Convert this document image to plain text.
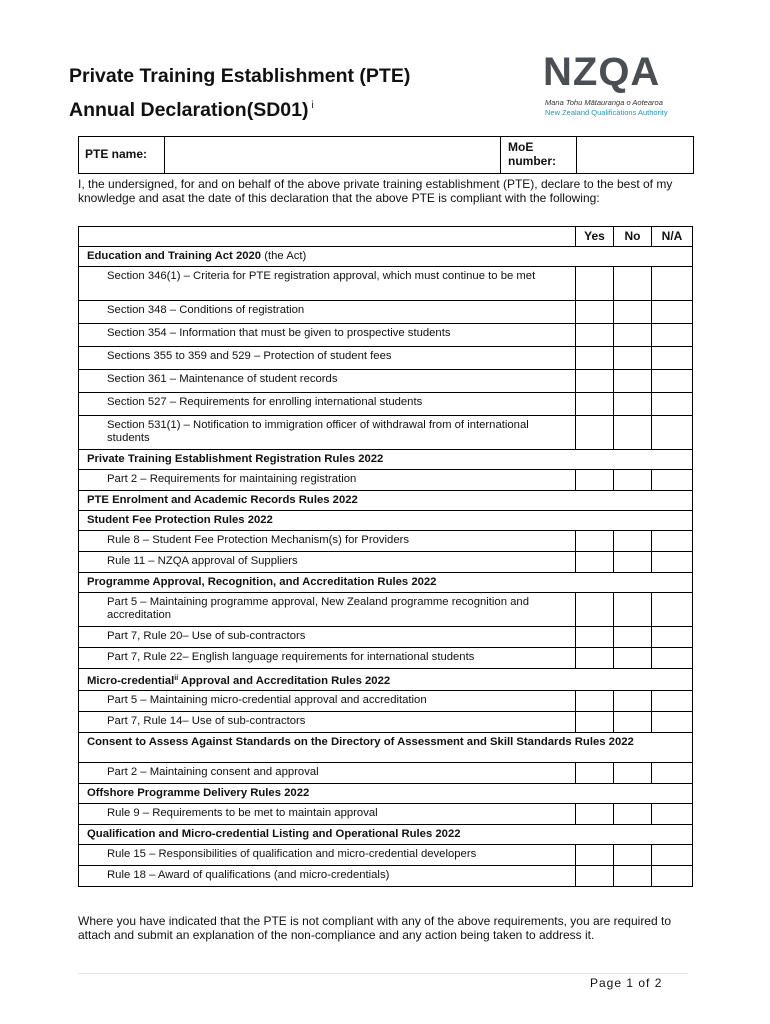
Private Training Establishment (PTE)
Annual Declaration(SD01) $^i$
NZQA
Mana Tohu Mātauranga o Aotearoa
New Zealand Qualifications Authority
PTE name:	MoE
number:
I, the undersigned, for and on behalf of the above private training establishment (PTE), declare to the best of my knowledge and asat the date of this declaration that the above PTE is compliant with the following:
	Yes	No	N/A
Education and Training Act 2020 (the Act)			
Section 346(1) – Criteria for PTE registration approval, which must continue to be met			
Section 348 – Conditions of registration			
Section 354 – Information that must be given to prospective students			
Sections 355 to 359 and 529 – Protection of student fees			
Section 361 – Maintenance of student records			
Section 527 – Requirements for enrolling international students			
Section 531(1) – Notification to immigration officer of withdrawal from of international students			
Private Training Establishment Registration Rules 2022			
Part 2 – Requirements for maintaining registration			
PTE Enrolment and Academic Records Rules 2022			
Student Fee Protection Rules 2022			
Rule 8 – Student Fee Protection Mechanism(s) for Providers			
Rule 11 – NZQA approval of Suppliers			
Programme Approval, Recognition, and Accreditation Rules 2022			
Part 5 – Maintaining programme approval, New Zealand programme recognition and accreditation			
Part 7, Rule 20– Use of sub-contractors			
Part 7, Rule 22– English language requirements for international students			
Micro-credential$^{ii}$ Approval and Accreditation Rules 2022			
Part 5 – Maintaining micro-credential approval and accreditation			
Part 7, Rule 14– Use of sub-contractors			
Consent to Assess Against Standards on the Directory of Assessment and Skill Standards Rules 2022			
Part 2 – Maintaining consent and approval			
Offshore Programme Delivery Rules 2022			
Rule 9 – Requirements to be met to maintain approval			
Qualification and Micro-credential Listing and Operational Rules 2022			
Rule 15 – Responsibilities of qualification and micro-credential developers			
Rule 18 – Award of qualifications (and micro-credentials)			
Where you have indicated that the PTE is not compliant with any of the above requirements, you are required to attach and submit an explanation of the non-compliance and any action being taken to address it.
Page 1 of 2
